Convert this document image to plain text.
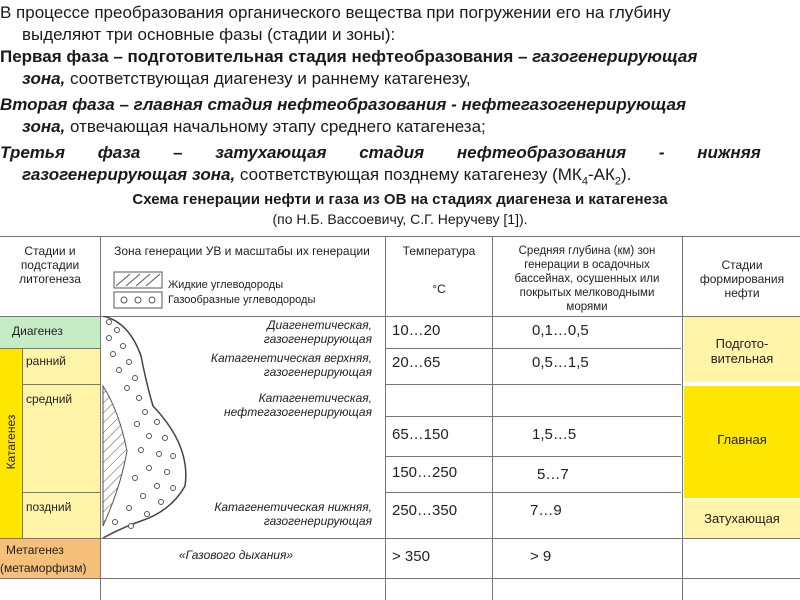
В процессе преобразования органического вещества при погружении его на глубину
выделяют три основные фазы (стадии и зоны):
Первая фаза – подготовительная стадия нефтеобразования – газогенерирующая
зона, соответствующая диагенезу и раннему катагенезу,
Вторая фаза – главная стадия нефтеобразования - нефтегазогенерирующая
зона, отвечающая начальному этапу среднего катагенеза;
Третья фаза – затухающая стадия нефтеобразования - нижняя
газогенерирующая зона, соответствующая позднему катагенезу $(МК_4-АК_2)$.
Схема генерации нефти и газа из ОВ на стадиях диагенеза и катагенеза
(по Н.Б. Вассоевичу, С.Г. Неручеву [1]).
Стадии и подстадии литогенеза
Зона генерации УВ и масштабы их генерации	Температура
°С
Средняя глубина (км) зон генерации в осадочных бассейнах, осушенных или покрытых мелководными морями
Стадии формирования нефти
Жидкие углеводороды
Газообразные углеводороды
Диагенез
Катагенез
ранний
средний
поздний
Метагенез
(метаморфизм)
Диагенетическая, газогенерирующая
Катагенетическая верхняя, газогенерирующая
Катагенетическая, нефтегазогенерирующая
Катагенетическая нижняя, газогенерирующая
«Газового дыхания»
10…20
20…65
65…150
150…250
250…350
> 350
0,1…0,5
0,5…1,5
1,5…5
5…7
7…9
> 9
Подгото-вительная
Главная
Затухающая
